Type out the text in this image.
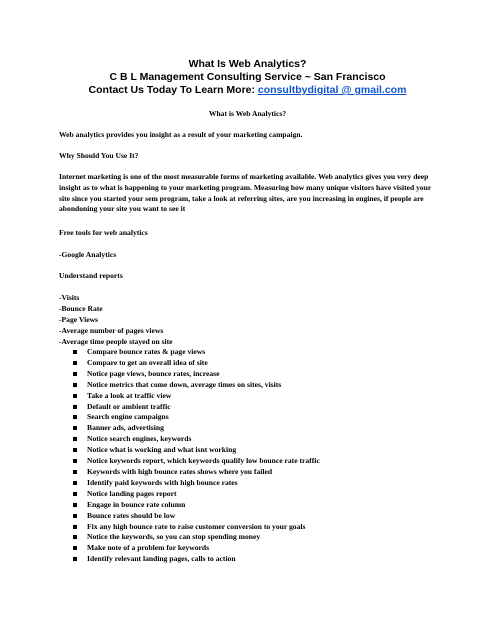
What Is Web Analytics?
C B L Management Consulting Service ~ San Francisco
Contact Us Today To Learn More: consultbydigital @ gmail.com
What is Web Analytics?
Web analytics provides you insight as a result of your marketing campaign.
Why Should You Use It?
Internet marketing is one of the most measurable forms of marketing available. Web analytics gives you very deep insight as to what is happening to your marketing program. Measuring how many unique visitors have visited your site since you started your sem program, take a look at referring sites, are you increasing in engines, if people are abondoning your site you want to see it
Free tools for web analytics
-Google Analytics
Understand reports
-Visits
-Bounce Rate
-Page Views
-Average number of pages views
-Average time people stayed on site
Compare bounce rates & page views
Compare to get an overall idea of site
Notice page views, bounce rates, increase
Notice metrics that come down, average times on sites, visits
Take a look at traffic view
Default or ambient traffic
Search engine campaigns
Banner ads, advertising
Notice search engines, keywords
Notice what is working and what isnt working
Notice keywords report, which keywords qualify low bounce rate traffic
Keywords with high bounce rates shows where you failed
Identify paid keywords with high bounce rates
Notice landing pages report
Engage in bounce rate column
Bounce rates should be low
Fix any high bounce rate to raise customer conversion to your goals
Notice the keywords, so you can stop spending money
Make note of a problem for keywords
Identify relevant landing pages, calls to action
